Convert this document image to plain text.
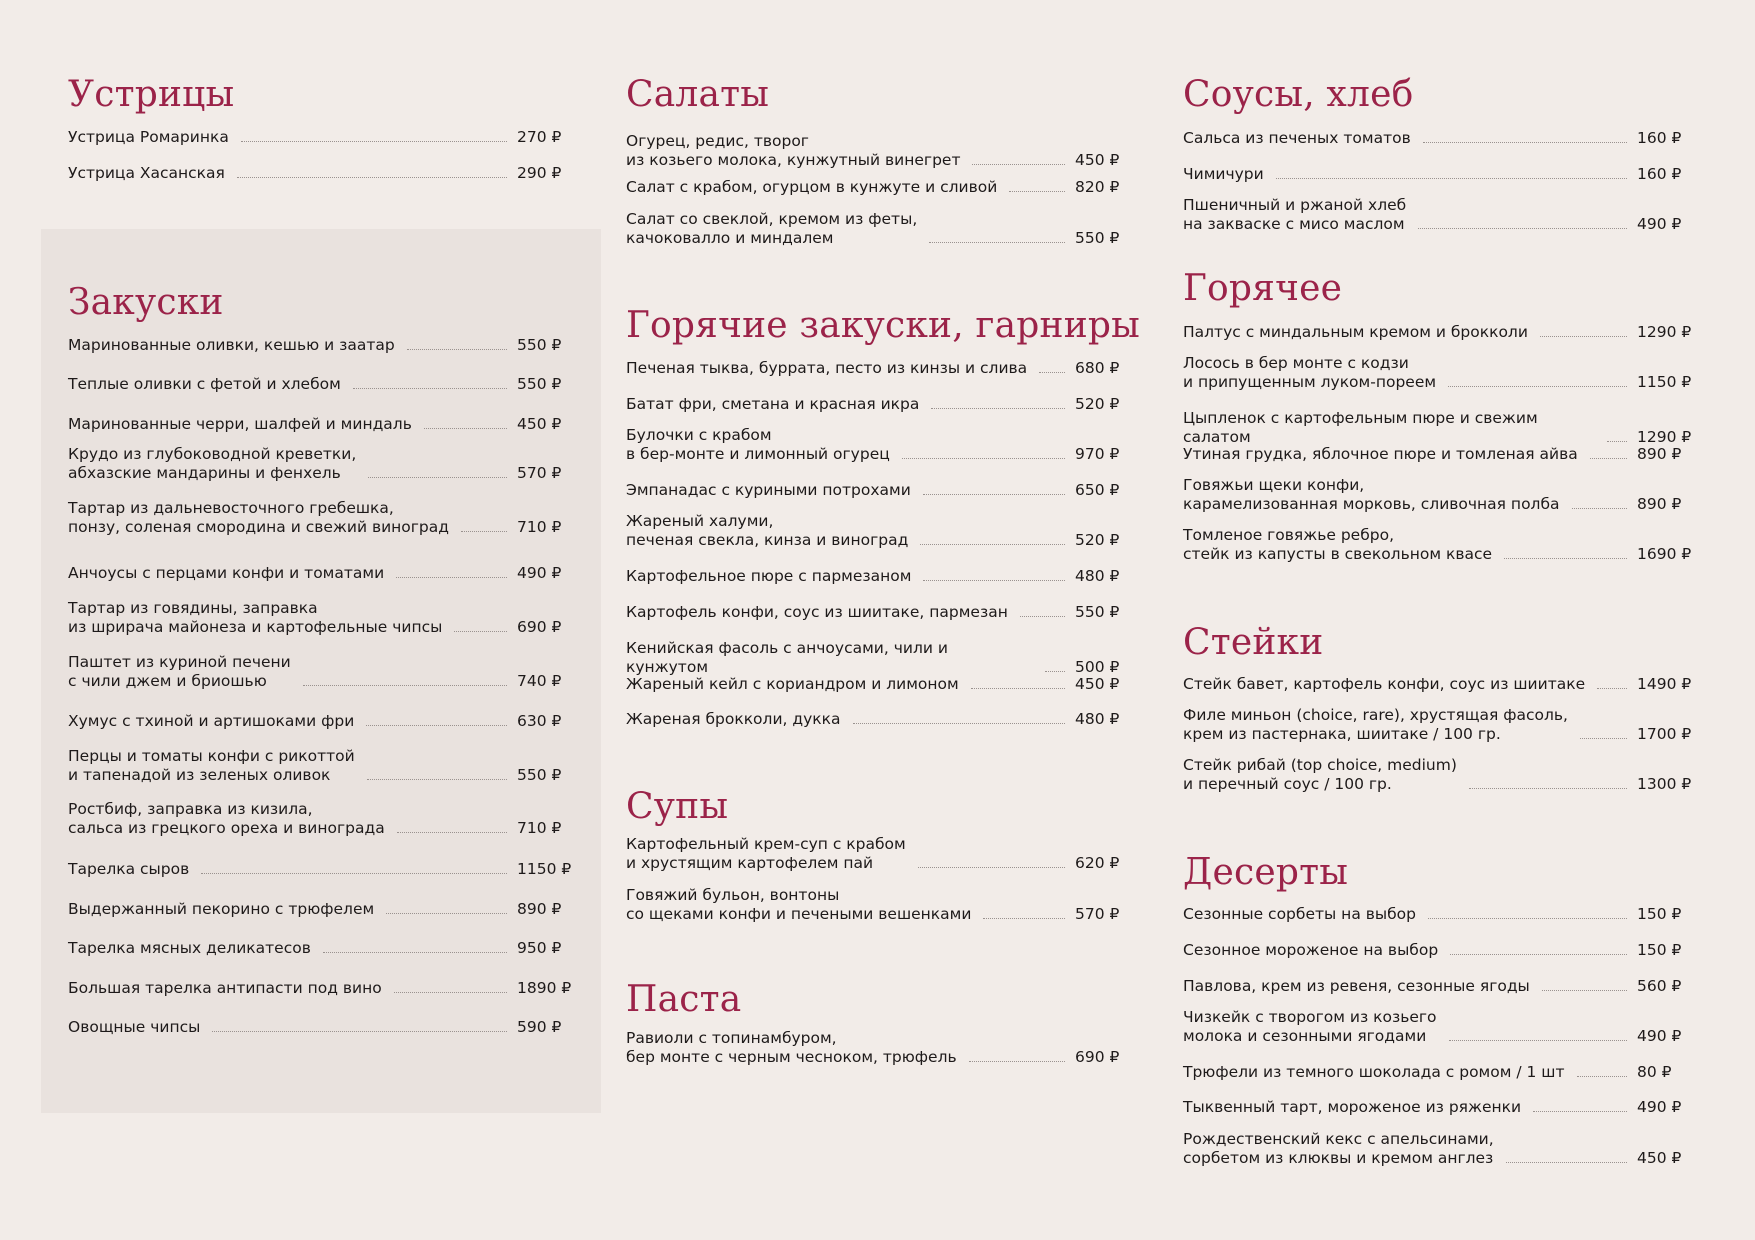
Устрицы
Устрица Ромаринка	270 ₽
Устрица Хасанская	290 ₽
Закуски
Маринованные оливки, кешью и заатар	550 ₽
Теплые оливки с фетой и хлебом	550 ₽
Маринованные черри, шалфей и миндаль	450 ₽
Крудо из глубоководной креветки,
абхазские мандарины и фенхель	570 ₽
Тартар из дальневосточного гребешка,
понзу, соленая смородина и свежий виноград	710 ₽
Анчоусы с перцами конфи и томатами	490 ₽
Тартар из говядины, заправка
из шрирача майонеза и картофельные чипсы	690 ₽
Паштет из куриной печени
с чили джем и бриошью	740 ₽
Хумус с тхиной и артишоками фри	630 ₽
Перцы и томаты конфи с рикоттой
и тапенадой из зеленых оливок	550 ₽
Ростбиф, заправка из кизила,
сальса из грецкого ореха и винограда	710 ₽
Тарелка сыров	1150 ₽
Выдержанный пекорино с трюфелем	890 ₽
Тарелка мясных деликатесов	950 ₽
Большая тарелка антипасти под вино	1890 ₽
Овощные чипсы	590 ₽
Салаты
Огурец, редис, творог
из козьего молока, кунжутный винегрет	450 ₽
Салат с крабом, огурцом в кунжуте и сливой	820 ₽
Салат со свеклой, кремом из феты,
качоковалло и миндалем	550 ₽
Горячие закуски, гарниры
Печеная тыква, буррата, песто из кинзы и слива	680 ₽
Батат фри, сметана и красная икра	520 ₽
Булочки с крабом
в бер-монте и лимонный огурец	970 ₽
Эмпанадас с куриными потрохами	650 ₽
Жареный халуми,
печеная свекла, кинза и виноград	520 ₽
Картофельное пюре с пармезаном	480 ₽
Картофель конфи, соус из шиитаке, пармезан	550 ₽
Кенийская фасоль с анчоусами, чили и кунжутом	500 ₽
Жареный кейл с кориандром и лимоном	450 ₽
Жареная брокколи, дукка	480 ₽
Супы
Картофельный крем-суп с крабом
и хрустящим картофелем пай	620 ₽
Говяжий бульон, вонтоны
со щеками конфи и печеными вешенками	570 ₽
Паста
Равиоли с топинамбуром,
бер монте с черным чесноком, трюфель	690 ₽
Соусы, хлеб
Сальса из печеных томатов	160 ₽
Чимичури	160 ₽
Пшеничный и ржаной хлеб
на закваске с мисо маслом	490 ₽
Горячее
Палтус с миндальным кремом и брокколи	1290 ₽
Лосось в бер монте с кодзи
и припущенным луком-пореем	1150 ₽
Цыпленок с картофельным пюре и свежим салатом	1290 ₽
Утиная грудка, яблочное пюре и томленая айва	890 ₽
Говяжьи щеки конфи,
карамелизованная морковь, сливочная полба	890 ₽
Томленое говяжье ребро,
стейк из капусты в свекольном квасе	1690 ₽
Стейки
Стейк бавет, картофель конфи, соус из шиитаке	1490 ₽
Филе миньон (choice, rare), хрустящая фасоль,
крем из пастернака, шиитаке / 100 гр.	1700 ₽
Стейк рибай (top choice, medium)
и перечный соус / 100 гр.	1300 ₽
Десерты
Сезонные сорбеты на выбор	150 ₽
Сезонное мороженое на выбор	150 ₽
Павлова, крем из ревеня, сезонные ягоды	560 ₽
Чизкейк с творогом из козьего
молока и сезонными ягодами	490 ₽
Трюфели из темного шоколада с ромом / 1 шт	80 ₽
Тыквенный тарт, мороженое из ряженки	490 ₽
Рождественский кекс с апельсинами,
сорбетом из клюквы и кремом англез	450 ₽
